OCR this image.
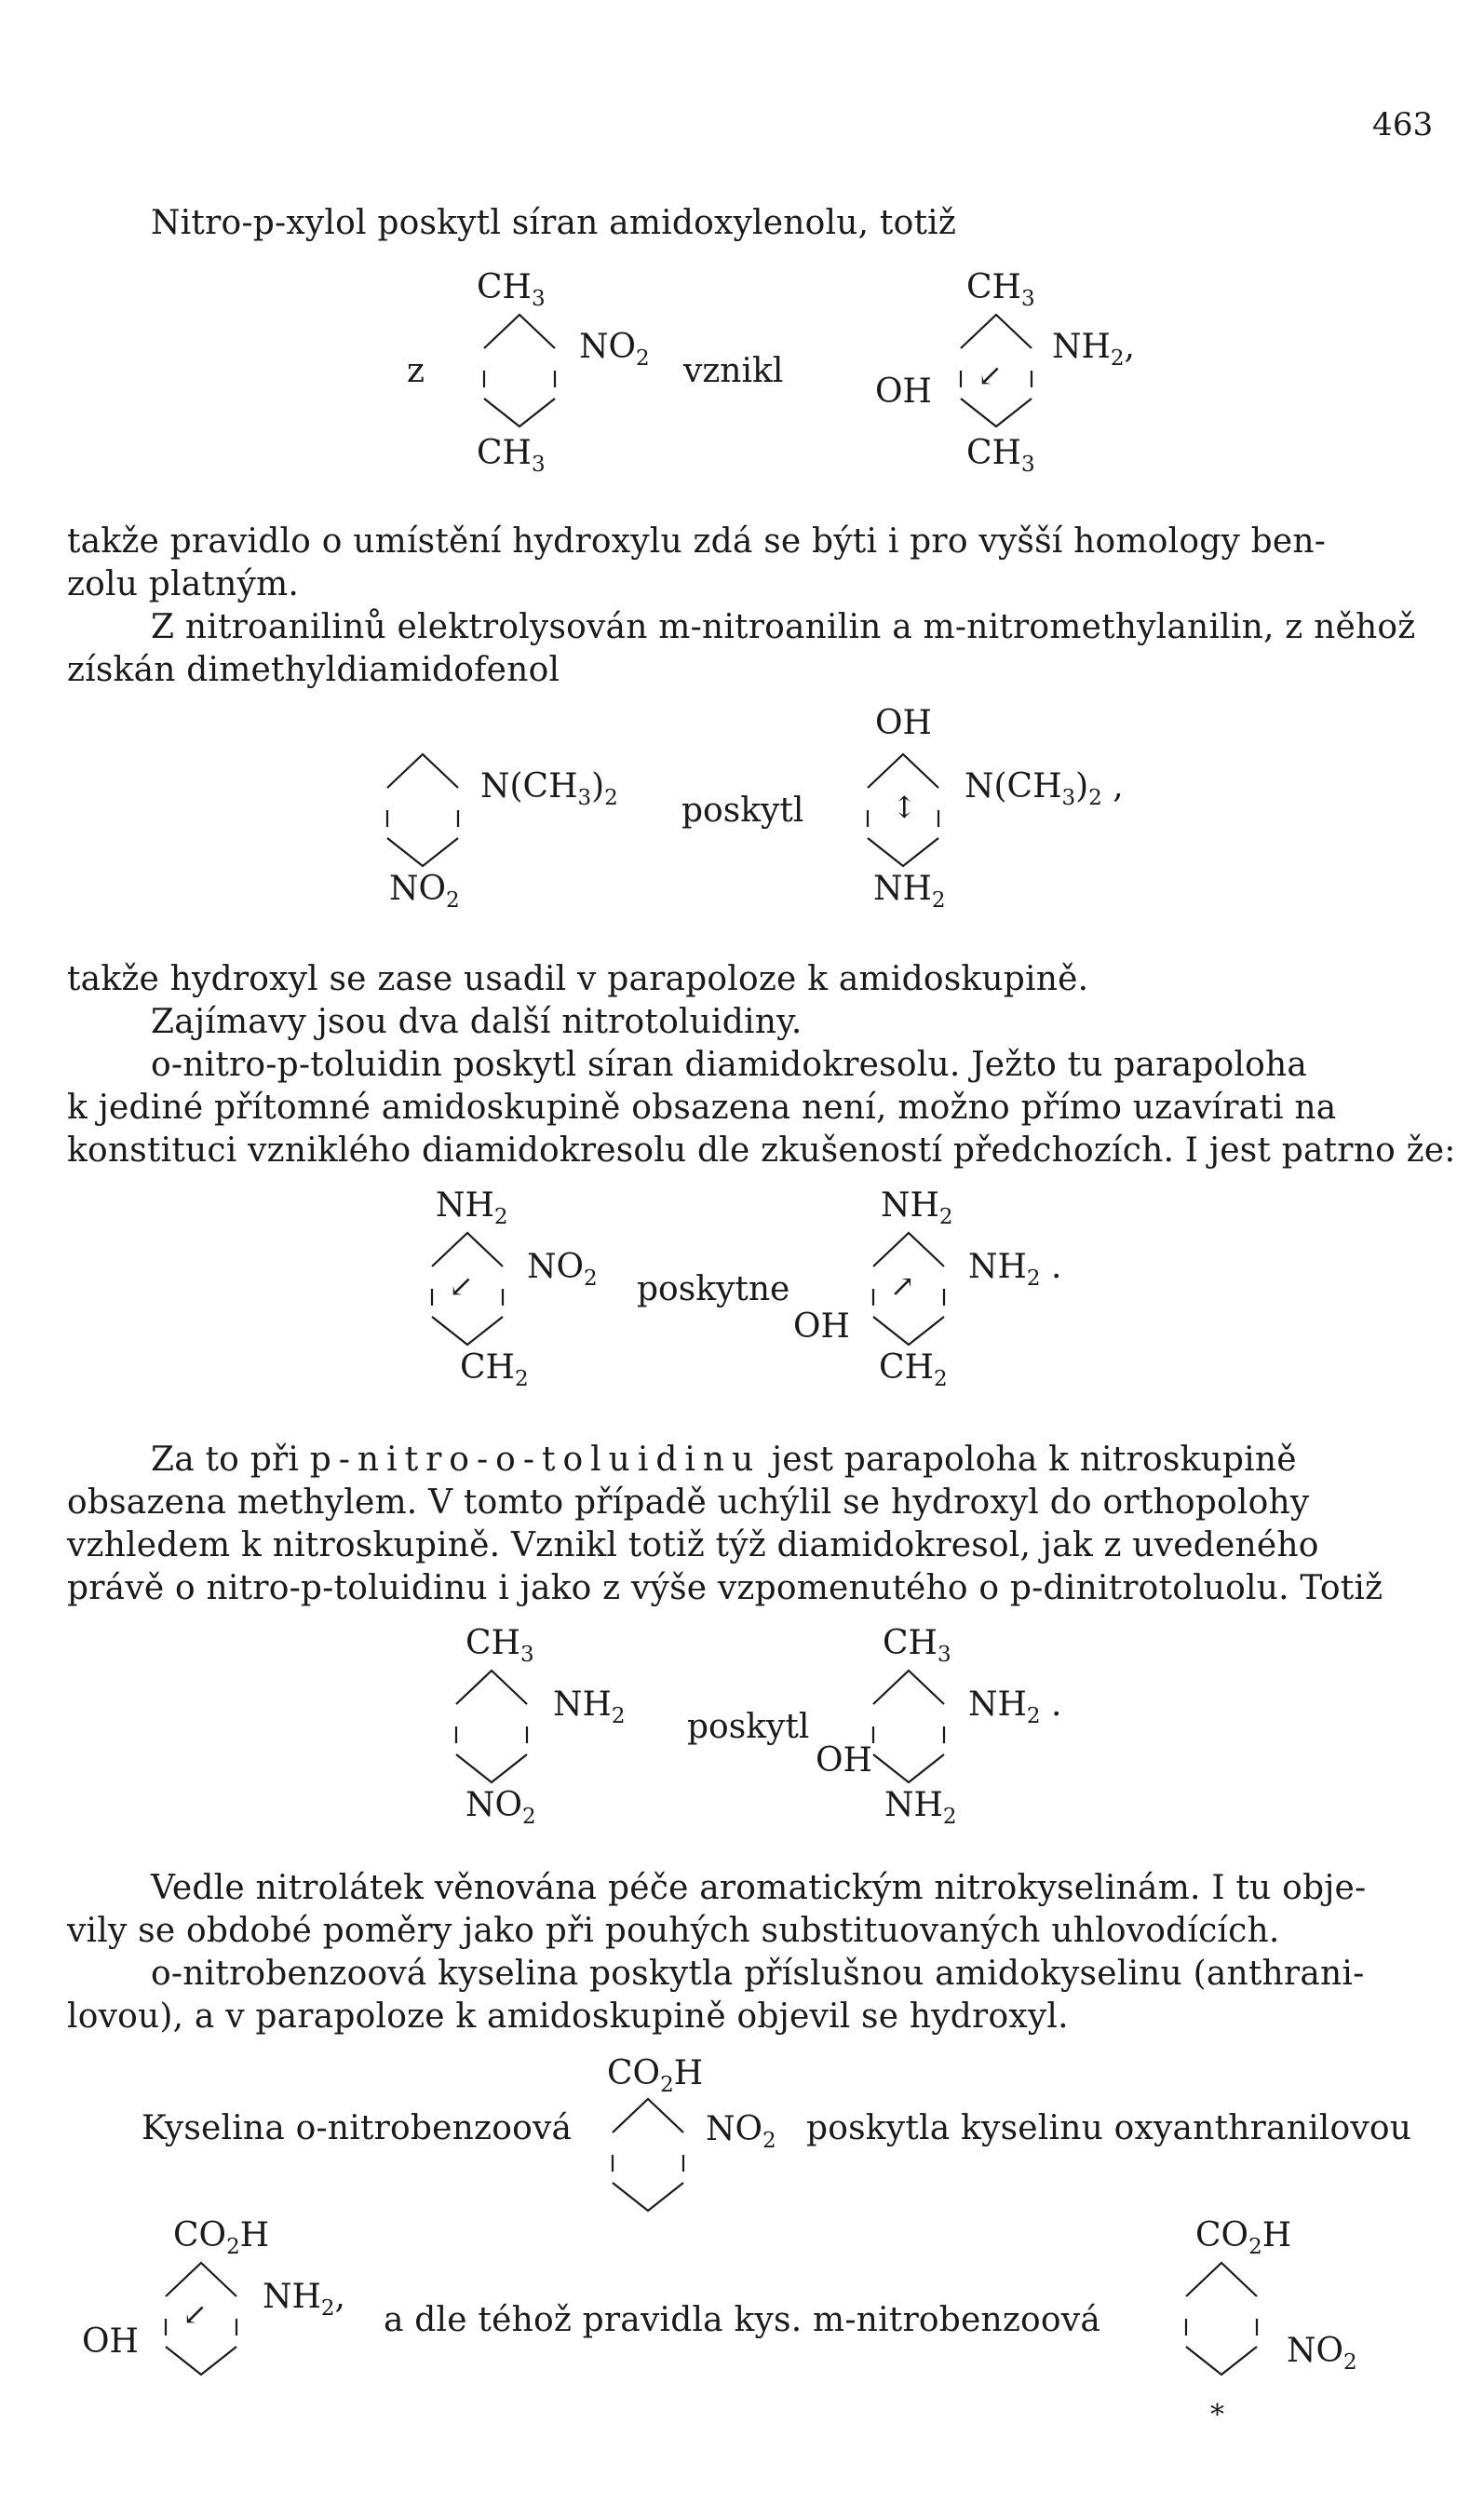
463
Nitro-p-xylol poskytl síran amidoxylenolu, totiž
z
$CH_3$
$NO_2$
$CH_3$
vznikl
$CH_3$
OH ↙
$NH_2$,
$CH_3$
takže pravidlo o umístění hydroxylu zdá se býti i pro vyšší homology ben-
zolu platným.
Z nitroanilinů elektrolysován m-nitroanilin a m-nitromethylanilin, z něhož
získán dimethyldiamidofenol
$N(CH_3)_2$
$NO_2$
poskytl
OH
↕
$N(CH_3)_2$ ,
$NH_2$
takže hydroxyl se zase usadil v parapoloze k amidoskupině.
Zajímavy jsou dva další nitrotoluidiny.
o-nitro-p-toluidin poskytl síran diamidokresolu. Ježto tu parapoloha
k jediné přítomné amidoskupině obsazena není, možno přímo uzavírati na
konstituci vzniklého diamidokresolu dle zkušeností předchozích. I jest patrno že:
$NH_2$
↙ $NO_2$
$CH_2$
poskytne
$NH_2$
OH
↗ $NH_2$ .
$CH_2$
Za to při p-nitro-o-toluidinu jest parapoloha k nitroskupině
obsazena methylem. V tomto případě uchýlil se hydroxyl do orthopolohy
vzhledem k nitroskupině. Vznikl totiž týž diamidokresol, jak z uvedeného
právě o nitro-p-toluidinu i jako z výše vzpomenutého o p-dinitrotoluolu. Totiž
$CH_3$
$NH_2$
$NO_2$
poskytl
$CH_3$
$NH_2$ .
OH
$NH_2$
Vedle nitrolátek věnována péče aromatickým nitrokyselinám. I tu obje-
vily se obdobé poměry jako při pouhých substituovaných uhlovodících.
o-nitrobenzoová kyselina poskytla příslušnou amidokyselinu (anthrani-
lovou), a v parapoloze k amidoskupině objevil se hydroxyl.
$CO_2H$
Kyselina o-nitrobenzoová	$NO_2$ poskytla kyselinu oxyanthranilovou
$CO_2H$
OH
↙ $NH_2$,
a dle téhož pravidla kys. m-nitrobenzoová
$CO_2H$
$NO_2$
*
